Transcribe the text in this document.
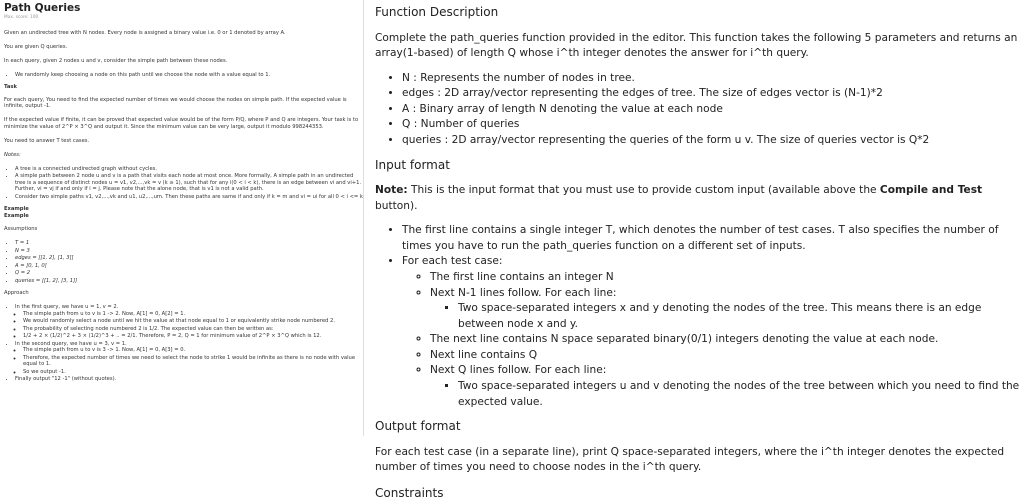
Path Queries
Max. score: 100

Given an undirected tree with N nodes. Every node is assigned a binary value i.e. 0 or 1 denoted by array A.

You are given Q queries.

In each query, given 2 nodes u and v, consider the simple path between these nodes.

• We randomly keep choosing a node on this path until we choose the node with a value equal to 1.
Task

For each query, You need to find the expected number of times we would choose the nodes on simple path. If the expected value is infinite, output -1.

If the expected value if finite, it can be proved that expected value would be of the form P/Q, where P and Q are integers. Your task is to minimize the value of 2^P × 3^Q and output it. Since the minimum value can be very large, output it modulo 998244353.

You need to answer T test cases.

Notes:

• A tree is a connected undirected graph without cycles.
• A simple path between 2 node u and v is a path that visits each node at most once. More formally, A simple path in an undirected tree is a sequence of distinct nodes u = v1, v2,...,vk = v (k ≥ 1), such that for any i(0 < i < k), there is an edge between vi and vi+1. Further, vi = vj if and only if i = j. Please note that the alone node, that is v1 is not a valid path.
• Consider two simple paths v1, v2,...,vk and u1, u2,...,um. Then these paths are same if and only if k = m and vi = ui for all 0 < i <= k
Example
Example

Assumptions

• T = 1
• N = 3
• edges = [[1, 2], [1, 3]]
• A = [0, 1, 0]
• Q = 2
• queries = [[1, 2], [3, 1]]

Approach

• In the first query, we have u = 1, v = 2.
◦ The simple path from u to v is 1 -> 2. Now, A[1] = 0, A[2] = 1.
◦ We would randomly select a node until we hit the value at that node equal to 1 or equivalently strike node numbered 2.
◦ The probability of selecting node numbered 2 is 1/2. The expected value can then be written as:
◦ 1/2 + 2 × (1/2)^2 + 3 × (1/2)^3 + .. = 2/1. Therefore, P = 2, Q = 1 for minimum value of 2^P × 3^Q which is 12.
• In the second query, we have u = 3, v = 1.
◦ The simple path from u to v is 3 -> 1. Now, A[1] = 0, A[3] = 0.
◦ Therefore, the expected number of times we need to select the node to strike 1 would be infinite as there is no node with value equal to 1.
◦ So we output -1.
• Finally output "12 -1" (without quotes).
Function Description

Complete the path_queries function provided in the editor. This function takes the following 5 parameters and returns an array(1-based) of length Q whose i^th integer denotes the answer for i^th query.

• N : Represents the number of nodes in tree.
• edges : 2D array/vector representing the edges of tree. The size of edges vector is (N-1)*2
• A : Binary array of length N denoting the value at each node
• Q : Number of queries
• queries : 2D array/vector representing the queries of the form u v. The size of queries vector is Q*2
Input format

Note: This is the input format that you must use to provide custom input (available above the Compile and Test button).

• The first line contains a single integer T, which denotes the number of test cases. T also specifies the number of times you have to run the path_queries function on a different set of inputs.
• For each test case:
◦ The first line contains an integer N
◦ Next N-1 lines follow. For each line:
▪ Two space-separated integers x and y denoting the nodes of the tree. This means there is an edge between node x and y.
◦ The next line contains N space separated binary(0/1) integers denoting the value at each node.
◦ Next line contains Q
◦ Next Q lines follow. For each line:
▪ Two space-separated integers u and v denoting the nodes of the tree between which you need to find the expected value.
Output format

For each test case (in a separate line), print Q space-separated integers, where the i^th integer denotes the expected number of times you need to choose nodes in the i^th query.

Constraints
